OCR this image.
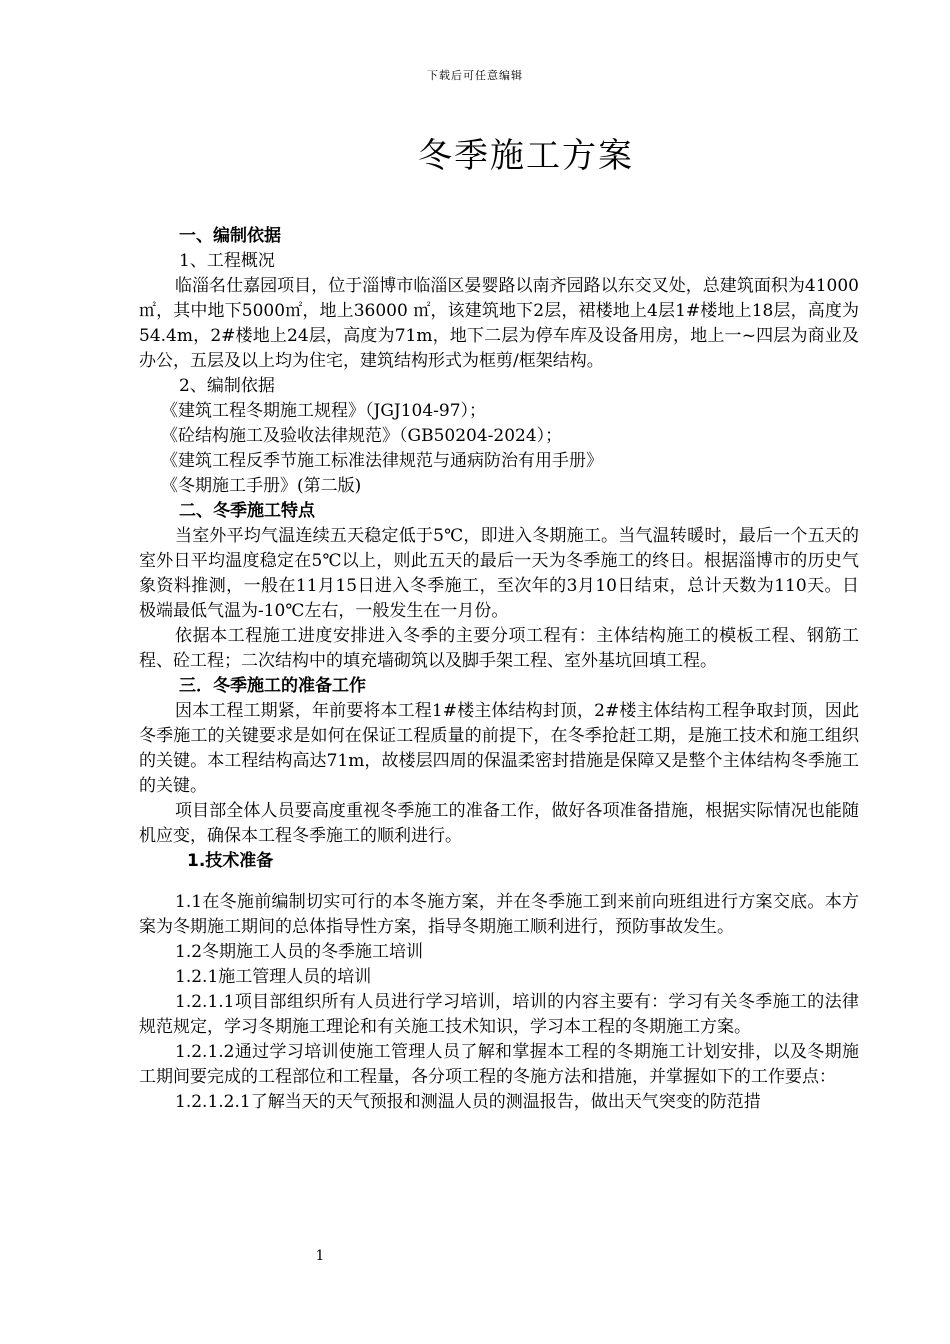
下载后可任意编辑
冬季施工方案
一、编制依据
1、工程概况

临淄名仕嘉园项目，位于淄博市临淄区晏婴路以南齐园路以东交叉处，总建筑面积为41000 ㎡，其中地下5000㎡，地上36000 ㎡，该建筑地下2层，裙楼地上4层1#楼地上18层，高度为54.4m，2#楼地上24层，高度为71m，地下二层为停车库及设备用房，地上一~四层为商业及办公，五层及以上均为住宅，建筑结构形式为框剪/框架结构。

2、编制依据
《建筑工程冬期施工规程》（JGJ104-97）；
《砼结构施工及验收法律规范》（GB50204-2024）；
《建筑工程反季节施工标准法律规范与通病防治有用手册》
《冬期施工手册》(第二版)
二、冬季施工特点

当室外平均气温连续五天稳定低于5℃，即进入冬期施工。当气温转暖时，最后一个五天的室外日平均温度稳定在5℃以上，则此五天的最后一天为冬季施工的终日。根据淄博市的历史气象资料推测，一般在11月15日进入冬季施工，至次年的3月10日结束，总计天数为110天。日极端最低气温为-10℃左右，一般发生在一月份。

依据本工程施工进度安排进入冬季的主要分项工程有：主体结构施工的模板工程、钢筋工程、砼工程；二次结构中的填充墙砌筑以及脚手架工程、室外基坑回填工程。

三．冬季施工的准备工作

因本工程工期紧，年前要将本工程1#楼主体结构封顶，2#楼主体结构工程争取封顶，因此冬季施工的关键要求是如何在保证工程质量的前提下，在冬季抢赶工期，是施工技术和施工组织的关键。本工程结构高达71m，故楼层四周的保温柔密封措施是保障又是整个主体结构冬季施工的关键。

项目部全体人员要高度重视冬季施工的准备工作，做好各项准备措施，根据实际情况也能随机应变，确保本工程冬季施工的顺利进行。

1.技术准备

1.1在冬施前编制切实可行的本冬施方案，并在冬季施工到来前向班组进行方案交底。本方案为冬期施工期间的总体指导性方案，指导冬期施工顺利进行，预防事故发生。

1.2冬期施工人员的冬季施工培训

1.2.1施工管理人员的培训

1.2.1.1项目部组织所有人员进行学习培训，培训的内容主要有：学习有关冬季施工的法律规范规定，学习冬期施工理论和有关施工技术知识，学习本工程的冬期施工方案。

1.2.1.2通过学习培训使施工管理人员了解和掌握本工程的冬期施工计划安排，以及冬期施工期间要完成的工程部位和工程量，各分项工程的冬施方法和措施，并掌握如下的工作要点：

1.2.1.2.1了解当天的天气预报和测温人员的测温报告，做出天气突变的防范措

1
